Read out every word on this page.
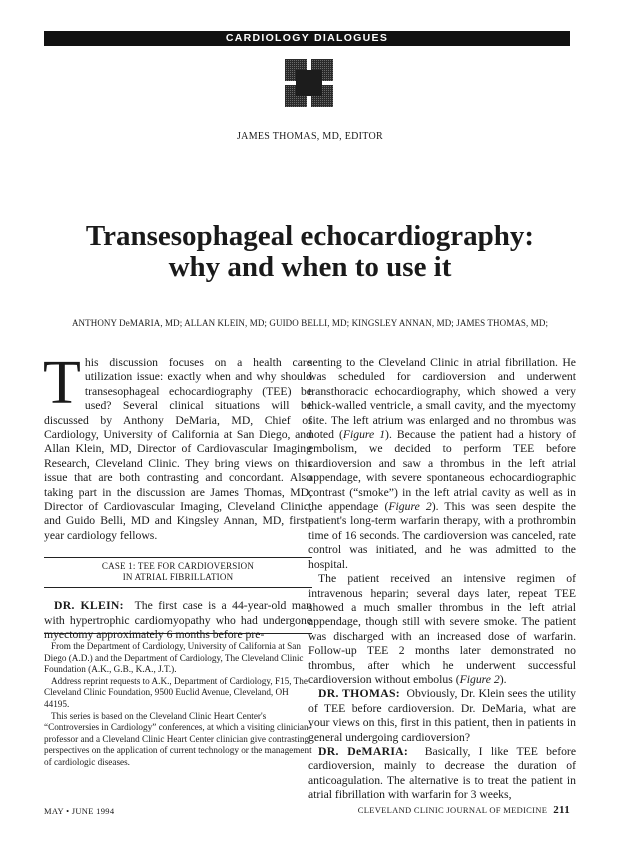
CARDIOLOGY DIALOGUES
JAMES THOMAS, MD, EDITOR
Transesophageal echocardiography:
why and when to use it
ANTHONY DeMARIA, MD; ALLAN KLEIN, MD; GUIDO BELLI, MD; KINGSLEY ANNAN, MD; JAMES THOMAS, MD;

This discussion focuses on a health care utilization issue: exactly when and why should transesophageal echocardiography (TEE) be used? Several clinical situations will be discussed by Anthony DeMaria, MD, Chief of Cardiology, University of California at San Diego, and Allan Klein, MD, Director of Cardiovascular Imaging Research, Cleveland Clinic. They bring views on this issue that are both contrasting and concordant. Also taking part in the discussion are James Thomas, MD, Director of Cardiovascular Imaging, Cleveland Clinic, and Guido Belli, MD and Kingsley Annan, MD, first-year cardiology fellows.

CASE 1: TEE FOR CARDIOVERSION
IN ATRIAL FIBRILLATION

DR. KLEIN: The first case is a 44-year-old man with hypertrophic cardiomyopathy who had undergone myectomy approximately 6 months before pre-

From the Department of Cardiology, University of California at San Diego (A.D.) and the Department of Cardiology, The Cleveland Clinic Foundation (A.K., G.B., K.A., J.T.).

Address reprint requests to A.K., Department of Cardiology, F15, The Cleveland Clinic Foundation, 9500 Euclid Avenue, Cleveland, OH 44195.

This series is based on the Cleveland Clinic Heart Center's “Controversies in Cardiology” conferences, at which a visiting clinician-professor and a Cleveland Clinic Heart Center clinician give contrasting perspectives on the application of current technology or the management of cardiologic diseases.

senting to the Cleveland Clinic in atrial fibrillation. He was scheduled for cardioversion and underwent transthoracic echocardiography, which showed a very thick-walled ventricle, a small cavity, and the myectomy site. The left atrium was enlarged and no thrombus was noted (Figure 1). Because the patient had a history of embolism, we decided to perform TEE before cardioversion and saw a thrombus in the left atrial appendage, with severe spontaneous echocardiographic contrast (“smoke”) in the left atrial cavity as well as in the appendage (Figure 2). This was seen despite the patient's long-term warfarin therapy, with a prothrombin time of 16 seconds. The cardioversion was canceled, rate control was initiated, and he was admitted to the hospital.

The patient received an intensive regimen of intravenous heparin; several days later, repeat TEE showed a much smaller thrombus in the left atrial appendage, though still with severe smoke. The patient was discharged with an increased dose of warfarin. Follow-up TEE 2 months later demonstrated no thrombus, after which he underwent successful cardioversion without embolus (Figure 2).

DR. THOMAS: Obviously, Dr. Klein sees the utility of TEE before cardioversion. Dr. DeMaria, what are your views on this, first in this patient, then in patients in general undergoing cardioversion?

DR. DeMARIA: Basically, I like TEE before cardioversion, mainly to decrease the duration of anticoagulation. The alternative is to treat the patient in atrial fibrillation with warfarin for 3 weeks,

MAY • JUNE 1994	CLEVELAND CLINIC JOURNAL OF MEDICINE 211
